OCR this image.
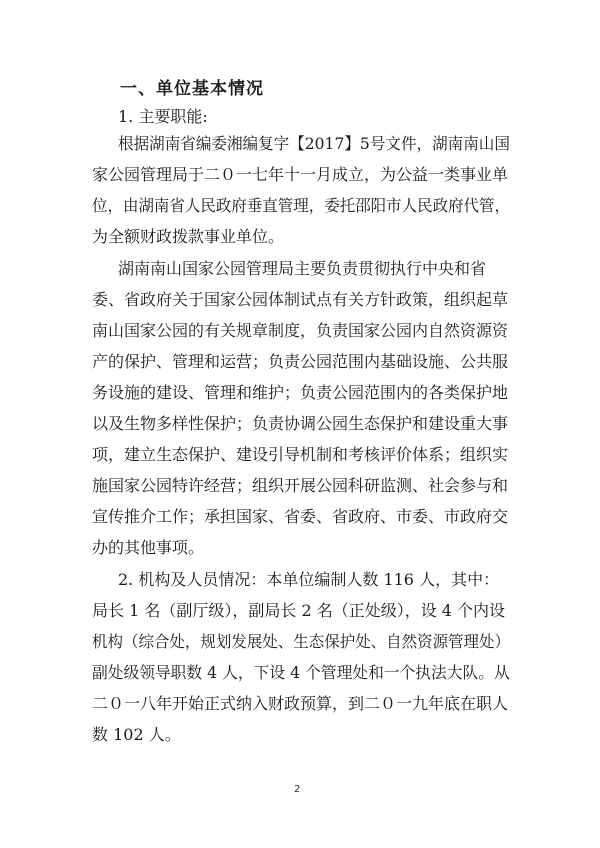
一、单位基本情况
1. 主要职能:
根据湖南省编委湘编复字【2017】5号文件，湖南南山国
家公园管理局于二０一七年十一月成立，为公益一类事业单
位，由湖南省人民政府垂直管理，委托邵阳市人民政府代管，
为全额财政拨款事业单位。
湖南南山国家公园管理局主要负责贯彻执行中央和省
委、省政府关于国家公园体制试点有关方针政策，组织起草
南山国家公园的有关规章制度，负责国家公园内自然资源资
产的保护、管理和运营；负责公园范围内基础设施、公共服
务设施的建设、管理和维护；负责公园范围内的各类保护地
以及生物多样性保护；负责协调公园生态保护和建设重大事
项，建立生态保护、建设引导机制和考核评价体系；组织实
施国家公园特许经营；组织开展公园科研监测、社会参与和
宣传推介工作；承担国家、省委、省政府、市委、市政府交
办的其他事项。
2. 机构及人员情况：本单位编制人数 116 人，其中：
局长 1 名（副厅级），副局长 2 名（正处级），设 4 个内设
机构（综合处，规划发展处、生态保护处、自然资源管理处）
副处级领导职数 4 人，下设 4 个管理处和一个执法大队。从
二０一八年开始正式纳入财政预算，到二０一九年底在职人
数 102 人。
2
